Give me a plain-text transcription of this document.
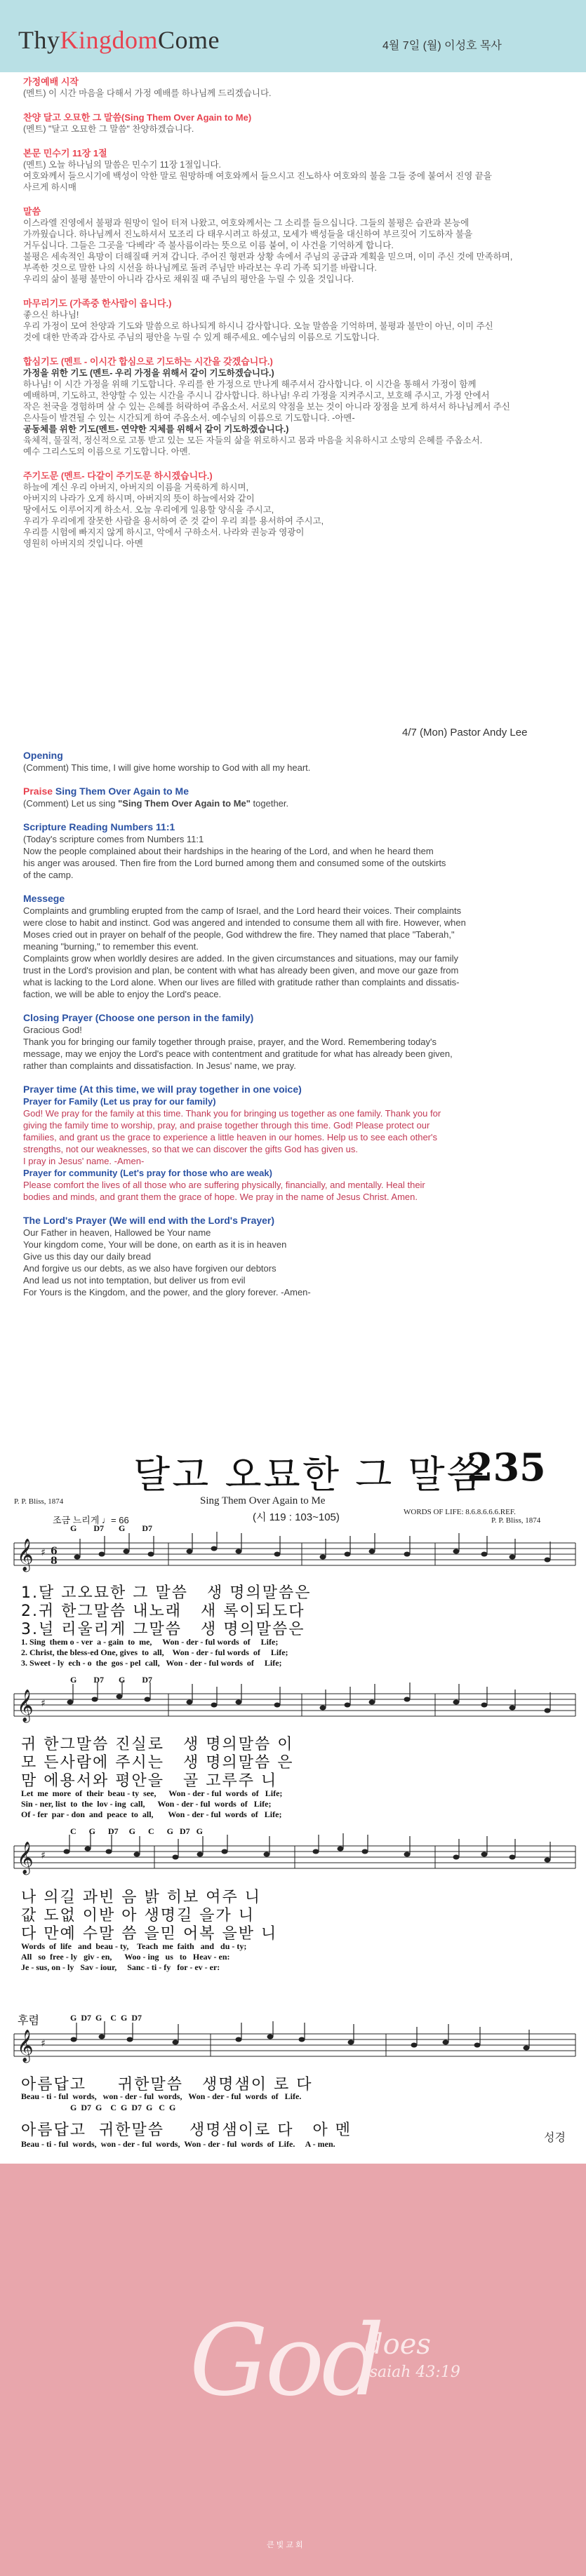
ThyKingdomCome	4월 7일 (월) 이성호 목사
가정예배 시작

(멘트) 이 시간 마음을 다해서 가정 예배를 하나님께 드리겠습니다.

찬양 달고 오묘한 그 말씀(Sing Them Over Again to Me)

(멘트) "달고 오묘한 그 말씀" 찬양하겠습니다.

본문 민수기 11장 1절

(멘트) 오늘 하나님의 말씀은 민수기 11장 1절입니다.

여호와께서 들으시기에 백성이 악한 말로 원망하매 여호와께서 들으시고 진노하사 여호와의 불을 그들 중에 붙여서 진영 끝을

사르게 하시매

말씀

이스라엘 진영에서 불평과 원망이 일어 터져 나왔고, 여호와께서는 그 소리를 들으십니다. 그들의 불평은 습관과 본능에

가까웠습니다. 하나님께서 진노하셔서 모조리 다 태우시려고 하셨고, 모세가 백성들을 대신하여 부르짖어 기도하자 불을

거두십니다. 그들은 그곳을 '다베라' 즉 불사름이라는 뜻으로 이름 붙여, 이 사건을 기억하게 합니다.

불평은 세속적인 욕망이 더해질때 커져 갑니다. 주어진 형편과 상황 속에서 주님의 공급과 계획을 믿으며, 이미 주신 것에 만족하며,

부족한 것으로 말한 나의 시선을 하나님께로 돌려 주님만 바라보는 우리 가족 되기를 바랍니다.

우리의 삶이 불평 불만이 아니라 감사로 채워질 때 주님의 평안을 누릴 수 있을 것입니다.

마무리기도 (가족중 한사람이 읍니다.)

좋으신 하나님!

우리 가정이 모여 찬양과 기도와 말씀으로 하나되게 하시니 감사합니다. 오늘 말씀을 기억하며, 불평과 불만이 아닌, 이미 주신

것에 대한 만족과 감사로 주님의 평안을 누릴 수 있게 해주세요. 예수님의 이름으로 기도합니다.

합심기도 (멘트 - 이시간 합심으로 기도하는 시간을 갖겠습니다.)

가정을 위한 기도 (멘트- 우리 가정을 위해서 같이 기도하겠습니다.)

하나님! 이 시간 가정을 위해 기도합니다. 우리를 한 가정으로 만나게 해주셔서 감사합니다. 이 시간을 통해서 가정이 함께

예배하며, 기도하고, 찬양할 수 있는 시간을 주시니 감사합니다. 하나님! 우리 가정을 지켜주시고, 보호해 주시고, 가정 안에서

작은 천국을 경험하며 살 수 있는 은혜를 허락하여 주옵소서. 서로의 약점을 보는 것이 아니라 장점을 보게 하셔서 하나님께서 주신

은사들이 발견될 수 있는 시간되게 하여 주옵소서. 예수님의 이름으로 기도합니다. -아멘-

공동체를 위한 기도(멘트- 연약한 지체를 위해서 같이 기도하겠습니다.)

육체적, 물질적, 정신적으로 고통 받고 있는 모든 자들의 삶을 위로하시고 몸과 마음을 치유하시고 소망의 은혜를 주옵소서.

예수 그리스도의 이름으로 기도합니다. 아멘.

주기도문 (멘트- 다같이 주기도문 하시겠습니다.)

하늘에 계신 우리 아버지, 아버지의 이름을 거룩하게 하시며,

아버지의 나라가 오게 하시며, 아버지의 뜻이 하늘에서와 같이

땅에서도 이루어지게 하소서. 오늘 우리에게 일용할 양식을 주시고,

우리가 우리에게 잘못한 사람을 용서하여 준 것 같이 우리 죄를 용서하여 주시고,

우리를 시험에 빠지지 않게 하시고, 악에서 구하소서. 나라와 권능과 영광이

영원히 아버지의 것입니다. 아멘

4/7 (Mon) Pastor Andy Lee
Opening

(Comment) This time, I will give home worship to God with all my heart.

Praise Sing Them Over Again to Me

(Comment) Let us sing "Sing Them Over Again to Me" together.

Scripture Reading Numbers 11:1

(Today's scripture comes from Numbers 11:1

Now the people complained about their hardships in the hearing of the Lord, and when he heard them

his anger was aroused. Then fire from the Lord burned among them and consumed some of the outskirts

of the camp.

Messege

Complaints and grumbling erupted from the camp of Israel, and the Lord heard their voices. Their complaints

were close to habit and instinct. God was angered and intended to consume them all with fire. However, when

Moses cried out in prayer on behalf of the people, God withdrew the fire. They named that place "Taberah,"

meaning "burning," to remember this event.

Complaints grow when worldly desires are added. In the given circumstances and situations, may our family

trust in the Lord's provision and plan, be content with what has already been given, and move our gaze from

what is lacking to the Lord alone. When our lives are filled with gratitude rather than complaints and dissatis-

faction, we will be able to enjoy the Lord's peace.

Closing Prayer (Choose one person in the family)

Gracious God!

Thank you for bringing our family together through praise, prayer, and the Word. Remembering today's

message, may we enjoy the Lord's peace with contentment and gratitude for what has already been given,

rather than complaints and dissatisfaction. In Jesus' name, we pray.

Prayer time (At this time, we will pray together in one voice)

Prayer for Family (Let us pray for our family)

God! We pray for the family at this time. Thank you for bringing us together as one family. Thank you for

giving the family time to worship, pray, and praise together through this time. God! Please protect our

families, and grant us the grace to experience a little heaven in our homes. Help us to see each other's

strengths, not our weaknesses, so that we can discover the gifts God has given us.

I pray in Jesus' name. -Amen-

Prayer for community (Let's pray for those who are weak)

Please comfort the lives of all those who are suffering physically, financially, and mentally. Heal their

bodies and minds, and grant them the grace of hope. We pray in the name of Jesus Christ. Amen.

The Lord's Prayer (We will end with the Lord's Prayer)

Our Father in heaven, Hallowed be Your name

Your kingdom come, Your will be done, on earth as it is in heaven

Give us this day our daily bread

And forgive us our debts, as we also have forgiven our debtors

And lead us not into temptation, but deliver us from evil

For Yours is the Kingdom, and the power, and the glory forever. -Amen-

달고 오묘한 그 말씀
235
P. P. Bliss, 1874	Sing Them Over Again to Me
(시 119 : 103~105)
조금 느리게 ♩= 66
WORDS OF LIFE: 8.6.8.6.6.6.REF.
P. P. Bliss, 1874
𝄞 ♯ 6
8
G        D7       G        D7
1.달 고오묘한 그 말씀   생 명의말씀은
2.귀 한그말씀 내노래   새 록이되도다
3.널 리울리게 그말씀   생 명의말씀은
1. Sing  them o - ver  a - gain  to  me,     Won - der - ful words  of     Life;
2. Christ, the bless-ed One, gives  to  all,    Won - der - ful words  of     Life;
3. Sweet - ly  ech - o  the  gos - pel  call,   Won - der - ful words  of     Life;
𝄞 ♯
G        D7       G        D7
귀 한그말씀 진실로   생 명의말씀 이
모 든사람에 주시는   생 명의말씀 은
맘 에용서와 평안을   골 고루주 니
Let  me  more  of  their  beau - ty  see,      Won - der - ful  words  of   Life;
Sin - ner, list  to  the  lov - ing  call,      Won - der - ful  words  of   Life;
Of - fer  par - don  and  peace  to  all,       Won - der - ful  words  of   Life;
𝄞 ♯
C      G      D7     G      C      G   D7   G
나 의길 과빈 음 밝 히보 여주 니
값 도없 이받 아 생명길 을가 니
다 만예 수말 씀 을믿 어복 을받 니
Words  of  life   and  beau - ty,    Teach  me  faith   and   du - ty;
All   so  free - ly   giv - en,      Woo - ing   us   to   Heav - en:
Je - sus, on - ly   Sav - iour,     Sanc - ti - fy   for - ev - er:
후렴
𝄞 ♯
G  D7  G    C  G  D7
아름답고     귀한말씀   생명샘이 로 다
Beau - ti - ful  words,   won - der - ful  words,   Won - der - ful  words  of   Life.
성경
G  D7  G    C  G  D7  G   C  G
아름답고  귀한말씀    생명샘이로 다   아 멘
Beau - ti - ful  words,  won - der - ful  words,  Won - der - ful  words  of  Life.     A - men.
God
does
Isaiah 43:19
큰 빛 교 회
